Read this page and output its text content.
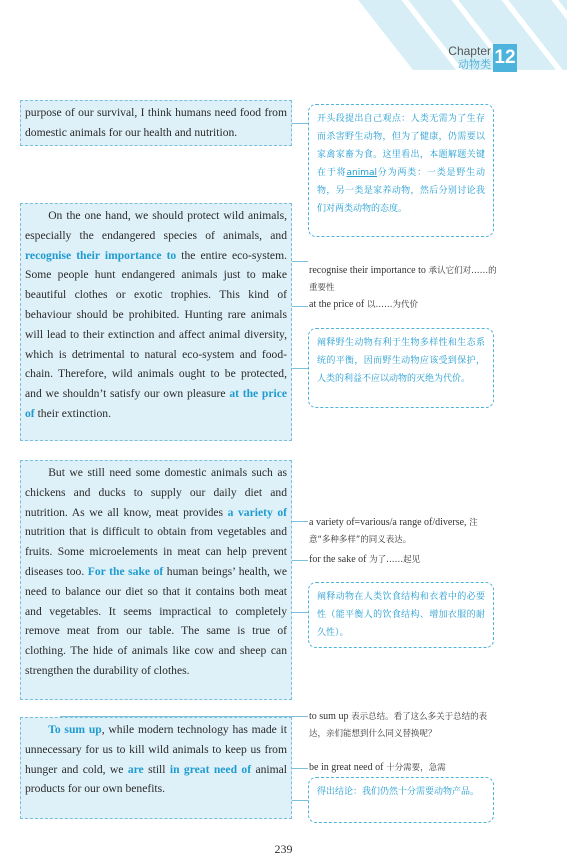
Chapter
动物类 12

purpose of our survival, I think humans need food from domestic animals for our health and nutrition.

On the one hand, we should protect wild animals, especially the endangered species of animals, and recognise their importance to the entire eco-system. Some people hunt endangered animals just to make beautiful clothes or exotic trophies. This kind of behaviour should be prohibited. Hunting rare animals will lead to their extinction and affect animal diversity, which is detrimental to natural eco-system and food-chain. Therefore, wild animals ought to be protected, and we shouldn’t satisfy our own pleasure at the price of their extinction.

But we still need some domestic animals such as chickens and ducks to supply our daily diet and nutrition. As we all know, meat provides a variety of nutrition that is difficult to obtain from vegetables and fruits. Some microelements in meat can help prevent diseases too. For the sake of human beings’ health, we need to balance our diet so that it contains both meat and vegetables. It seems impractical to completely remove meat from our table. The same is true of clothing. The hide of animals like cow and sheep can strengthen the durability of clothes.

To sum up, while modern technology has made it unnecessary for us to kill wild animals to keep us from hunger and cold, we are still in great need of animal products for our own benefits.

开头段提出自己观点：人类无需为了生存而杀害野生动物，但为了健康，仍需要以家禽家畜为食。这里看出，本题解题关键在于将animal分为两类：一类是野生动物，另一类是家养动物，然后分别讨论我们对两类动物的态度。
阐释野生动物有利于生物多样性和生态系统的平衡，因而野生动物应该受到保护，人类的利益不应以动物的灭绝为代价。
阐释动物在人类饮食结构和衣着中的必要性（能平衡人的饮食结构、增加衣服的耐久性）。
得出结论：我们仍然十分需要动物产品。
recognise their importance to 承认它们对……的重要性
at the price of 以……为代价
a variety of=various/a range of/diverse, 注意“多种多样”的同义表达。
for the sake of 为了……起见
to sum up 表示总结。看了这么多关于总结的表达，亲们能想到什么同义替换呢？
be in great need of 十分需要，急需
239
